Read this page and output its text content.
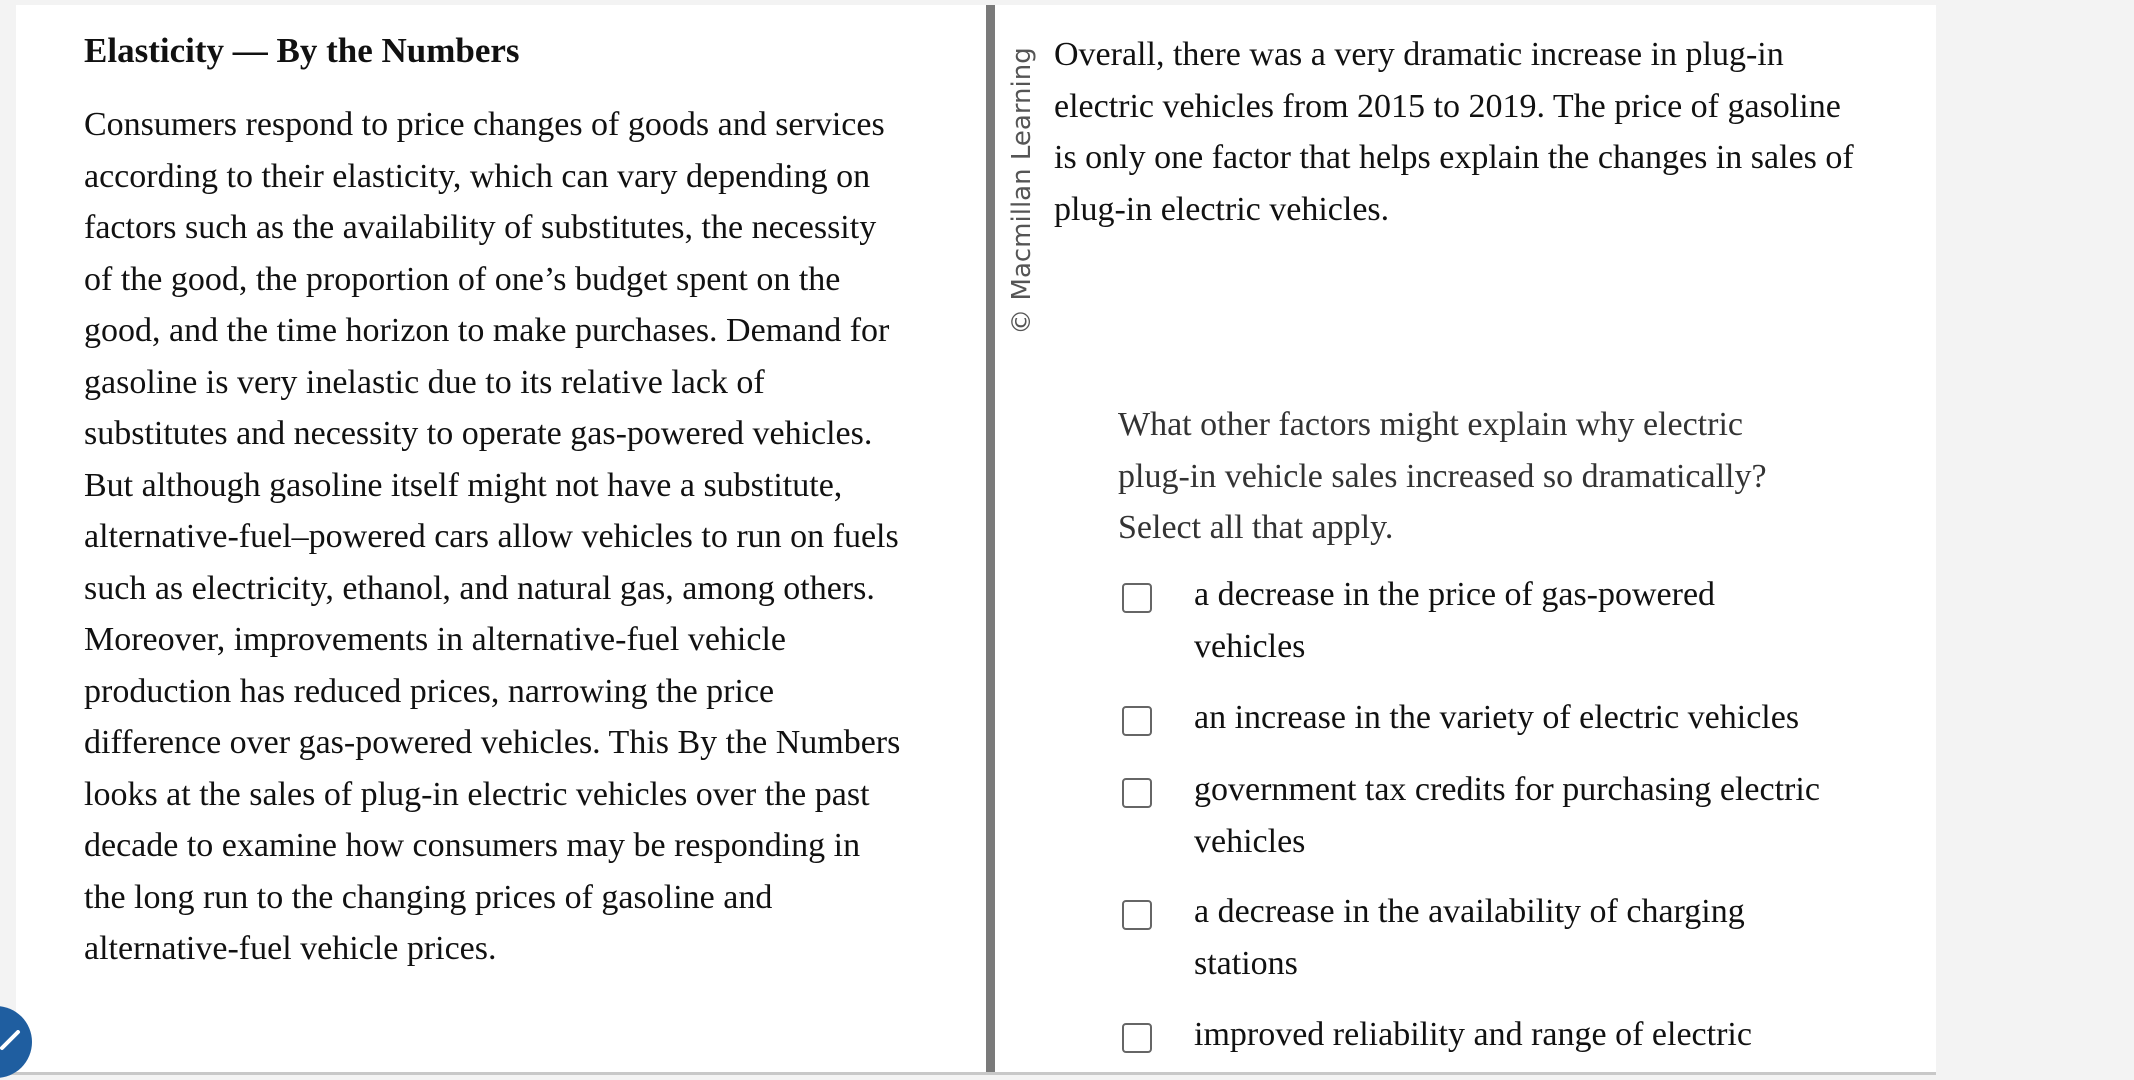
Elasticity — By the Numbers

Consumers respond to price changes of goods and services
according to their elasticity, which can vary depending on
factors such as the availability of substitutes, the necessity
of the good, the proportion of one’s budget spent on the
good, and the time horizon to make purchases. Demand for
gasoline is very inelastic due to its relative lack of
substitutes and necessity to operate gas-powered vehicles.
But although gasoline itself might not have a substitute,
alternative-fuel–powered cars allow vehicles to run on fuels
such as electricity, ethanol, and natural gas, among others.
Moreover, improvements in alternative-fuel vehicle
production has reduced prices, narrowing the price
difference over gas-powered vehicles. This By the Numbers
looks at the sales of plug-in electric vehicles over the past
decade to examine how consumers may be responding in
the long run to the changing prices of gasoline and
alternative-fuel vehicle prices.

© Macmillan Learning Overall, there was a very dramatic increase in plug-in
electric vehicles from 2015 to 2019. The price of gasoline
is only one factor that helps explain the changes in sales of
plug-in electric vehicles.

What other factors might explain why electric
plug-in vehicle sales increased so dramatically?
Select all that apply.

a decrease in the price of gas-powered
vehicles
an increase in the variety of electric vehicles
government tax credits for purchasing electric
vehicles
a decrease in the availability of charging
stations
improved reliability and range of electric
